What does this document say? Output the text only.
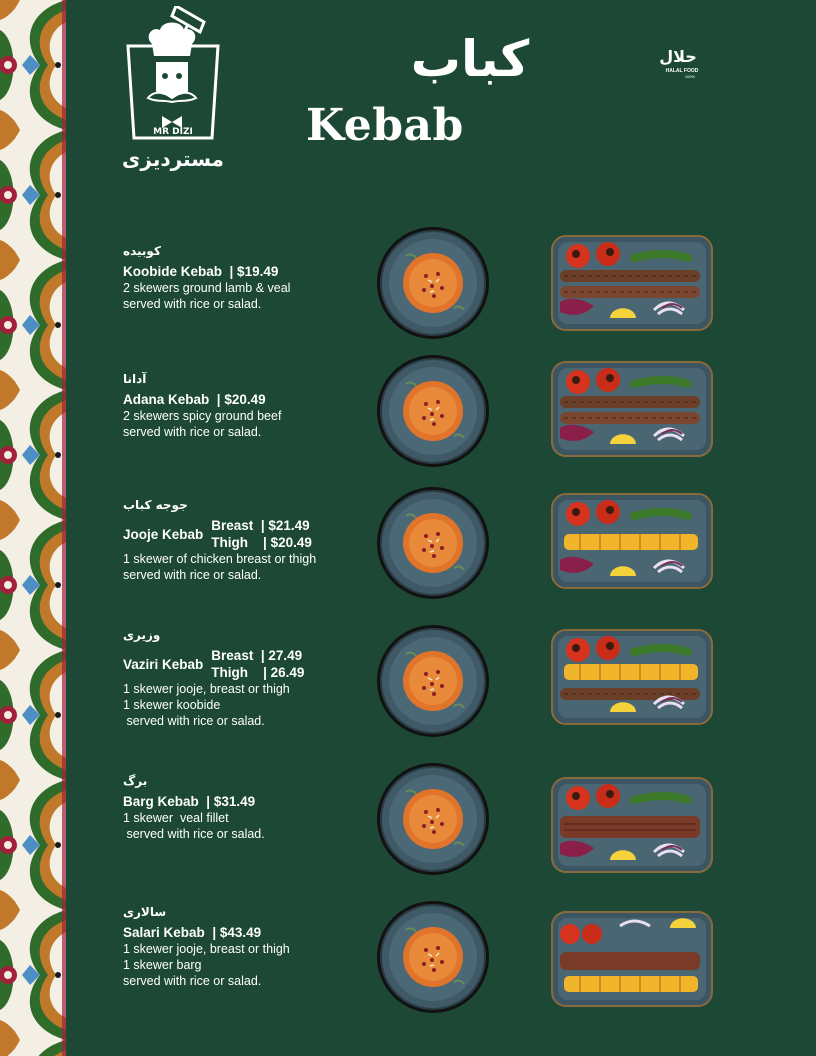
MR DIZI
مستردیزی
کباب
Kebab
حلال
HALAL FOOD
100%
کوبیده
Koobide Kebab | $19.49
2 skewers ground lamb & veal
served with rice or salad.
آدانا
Adana Kebab | $20.49
2 skewers spicy ground beef
served with rice or salad.
جوجه کباب
Jooje Kebab
Breast | $21.49
Thigh | $20.49
1 skewer of chicken breast or thigh
served with rice or salad.
وزیری
Vaziri Kebab
Breast | 27.49
Thigh | 26.49
1 skewer jooje, breast or thigh
1 skewer koobide
served with rice or salad.
برگ
Barg Kebab | $31.49
1 skewer  veal fillet
served with rice or salad.
سالاری
Salari Kebab | $43.49
1 skewer jooje, breast or thigh
1 skewer barg
served with rice or salad.
